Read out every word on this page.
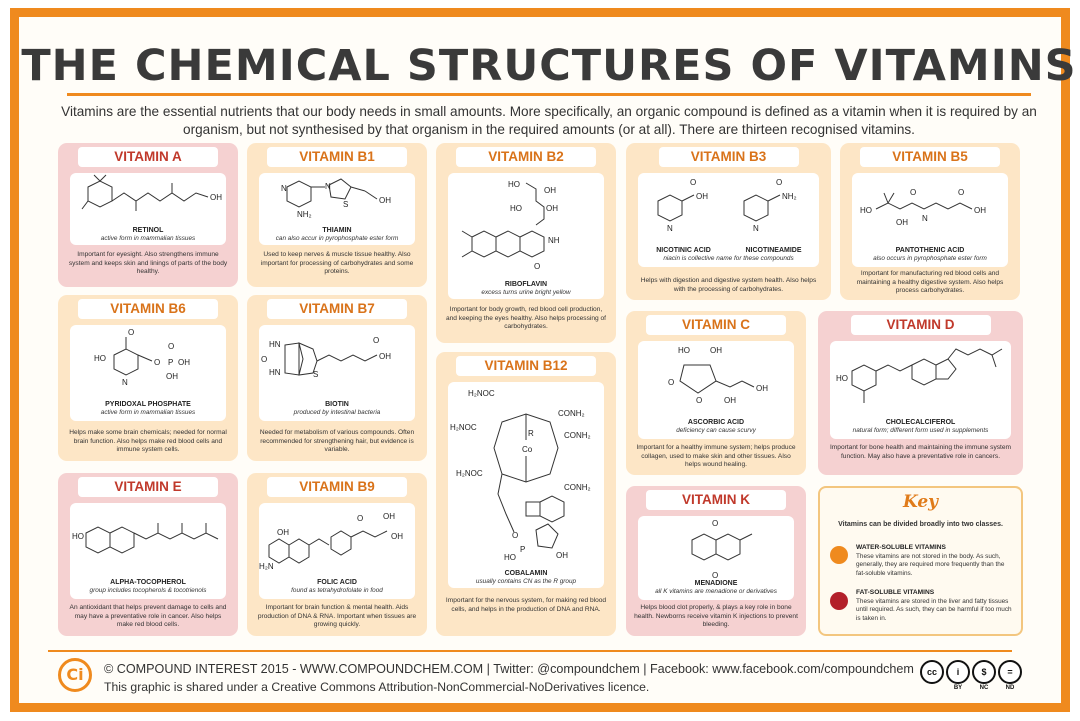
THE CHEMICAL STRUCTURES OF VITAMINS
Vitamins are the essential nutrients that our body needs in small amounts. More specifically, an organic compound is defined as a vitamin when it is required by an organism, but not synthesised by that organism in the required amounts (or at all). There are thirteen recognised vitamins.
VITAMIN A
OH
RETINOL
active form in mammalian tissues
Important for eyesight. Also strengthens immune system and keeps skin and linings of parts of the body healthy.
VITAMIN B1
N
NH₂
N
S	OH
THIAMIN
can also accur in pyrophosphate ester form
Used to keep nerves & muscle tissue healthy. Also important for processing of carbohydrates and some proteins.
VITAMIN B2
HO
OH
OH
HO
NH
O
RIBOFLAVIN
excess turns urine bright yellow
Important for body growth, red blood cell production, and keeping the eyes healthy. Also helps processing of carbohydrates.
VITAMIN B3
N
OH
O
N
NH₂
O
NICOTINIC ACID	NICOTINEAMIDE
niacin is collective name for these compounds
Helps with digestion and digestive system health. Also helps with the processing of carbohydrates.
VITAMIN B5
HO
OH
O
N
OH
O
PANTOTHENIC ACID
also occurs in pyrophosphate ester form
Important for manufacturing red blood cells and maintaining a healthy digestive system. Also helps process carbohydrates.
VITAMIN B6
N
HO
O
O P
O
OH
OH
PYRIDOXAL PHOSPHATE
active form in mammalian tissues
Helps make some brain chemicals; needed for normal brain function. Also helps make red blood cells and immune system cells.
VITAMIN B7
HN
HN
O
S
OH
O
BIOTIN
produced by intestinal bacteria
Needed for metabolism of various compounds. Often recommended for strengthening hair, but evidence is variable.
VITAMIN B12
H₂NOC
H₂NOC
CONH₂
CONH₂
H₂NOC
CONH₂
Co
R
O
P
HO	OH
COBALAMIN
usually contains CN as the R group
Important for the nervous system, for making red blood cells, and helps in the production of DNA and RNA.
VITAMIN C
HO	OH
O
O
OH
OH
ASCORBIC ACID
deficiency can cause scurvy
Important for a healthy immune system; helps produce collagen, used to make skin and other tissues. Also helps wound healing.
VITAMIN D
HO
CHOLECALCIFEROL
natural form; different form used in supplements
Important for bone health and maintaining the immune system function. May also have a preventative role in cancers.
VITAMIN E
HO
ALPHA-TOCOPHEROL
group includes tocopherols & tocotrienols
An antioxidant that helps prevent damage to cells and may have a preventative role in cancer. Also helps make red blood cells.
VITAMIN B9
H₂N
OH
O OH
OH
FOLIC ACID
found as tetrahydrofolate in food
Important for brain function & mental health. Aids production of DNA & RNA. Important when tissues are growing quickly.
VITAMIN K
O
O
MENADIONE
all K vitamins are menadione or derivatives
Helps blood clot properly, & plays a key role in bone health. Newborns receive vitamin K injections to prevent bleeding.
Key
Vitamins can be divided broadly into two classes.
WATER-SOLUBLE VITAMINS
These vitamins are not stored in the body. As such, generally, they are required more frequently than the fat-soluble vitamins.
FAT-SOLUBLE VITAMINS
These vitamins are stored in the liver and fatty tissues until required. As such, they can be harmful if too much is taken in.
Ci	© COMPOUND INTEREST 2015 - WWW.COMPOUNDCHEM.COM | Twitter: @compoundchem | Facebook: www.facebook.com/compoundchem
This graphic is shared under a Creative Commons Attribution-NonCommercial-NoDerivatives licence.
cc	i
BY
$
NC
=
ND
